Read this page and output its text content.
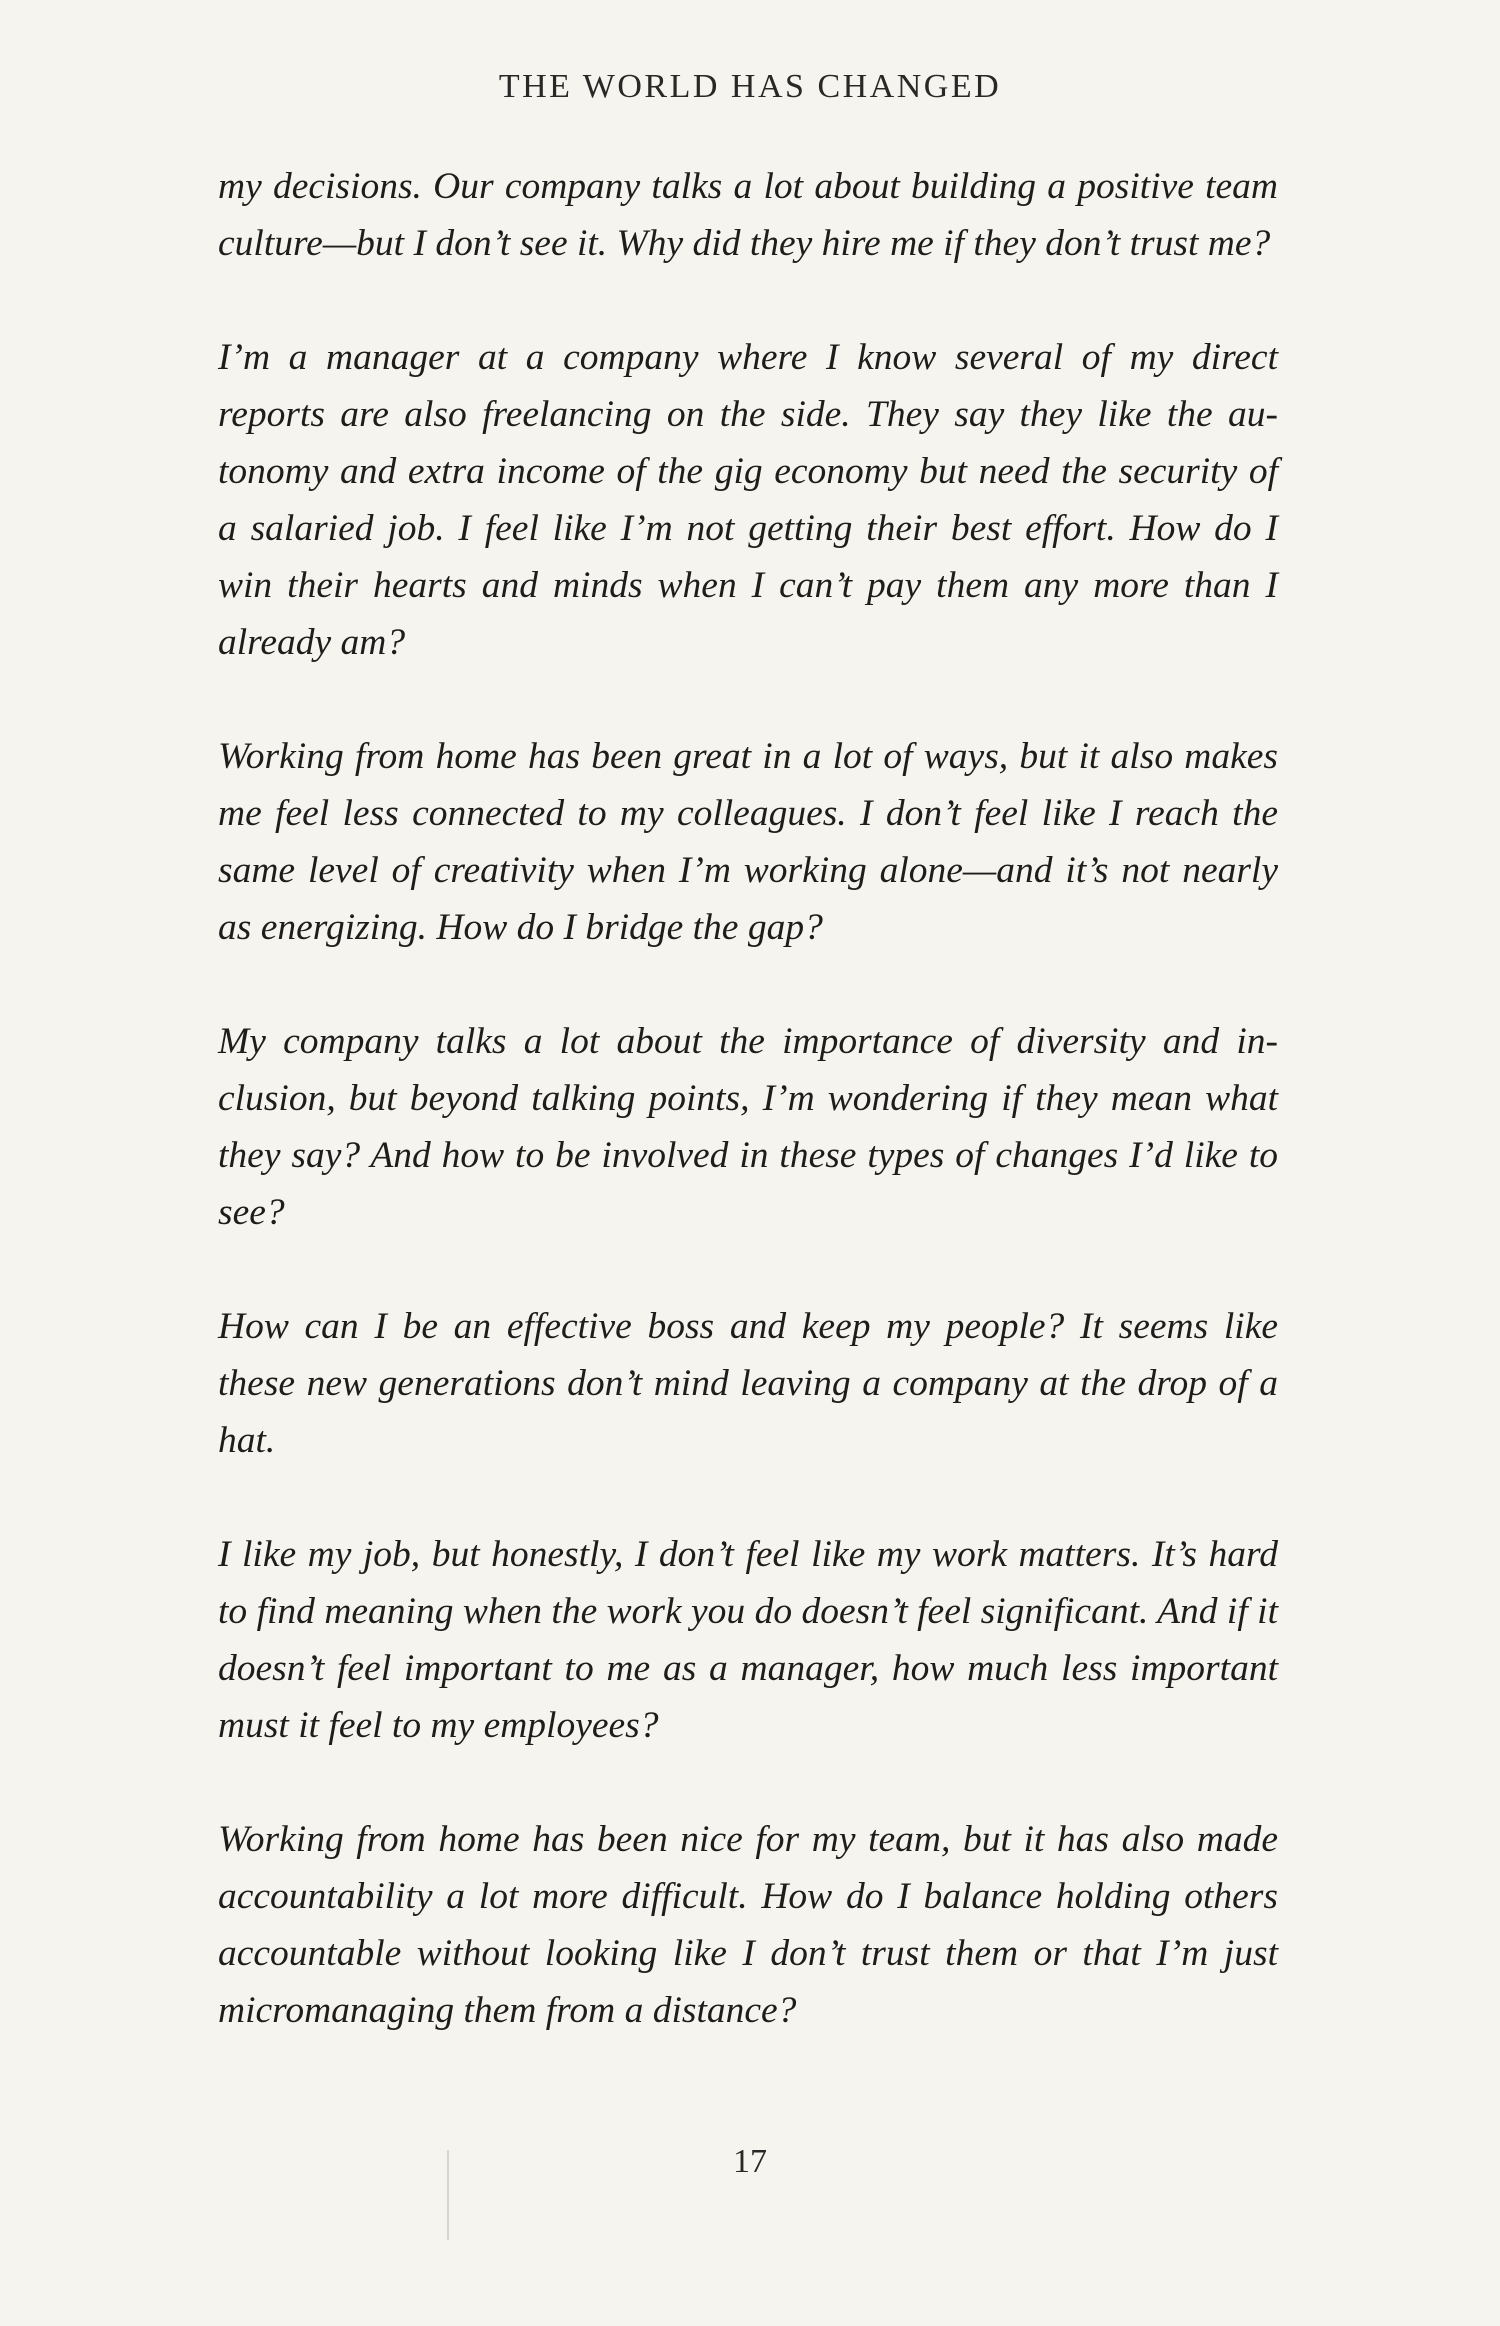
THE WORLD HAS CHANGED

my decisions. Our company talks a lot about building a positive team culture—but I don’t see it. Why did they hire me if they don’t trust me?

I’m a manager at a company where I know several of my direct reports are also freelancing on the side. They say they like the autonomy and extra income of the gig economy but need the security of a salaried job. I feel like I’m not getting their best effort. How do I win their hearts and minds when I can’t pay them any more than I already am?

Working from home has been great in a lot of ways, but it also makes me feel less connected to my colleagues. I don’t feel like I reach the same level of creativity when I’m working alone—and it’s not nearly as energizing. How do I bridge the gap?

My company talks a lot about the importance of diversity and inclusion, but beyond talking points, I’m wondering if they mean what they say? And how to be involved in these types of changes I’d like to see?

How can I be an effective boss and keep my people? It seems like these new generations don’t mind leaving a company at the drop of a hat.

I like my job, but honestly, I don’t feel like my work matters. It’s hard to find meaning when the work you do doesn’t feel significant. And if it doesn’t feel important to me as a manager, how much less important must it feel to my employees?

Working from home has been nice for my team, but it has also made accountability a lot more difficult. How do I balance holding others accountable without looking like I don’t trust them or that I’m just micromanaging them from a distance?

17
